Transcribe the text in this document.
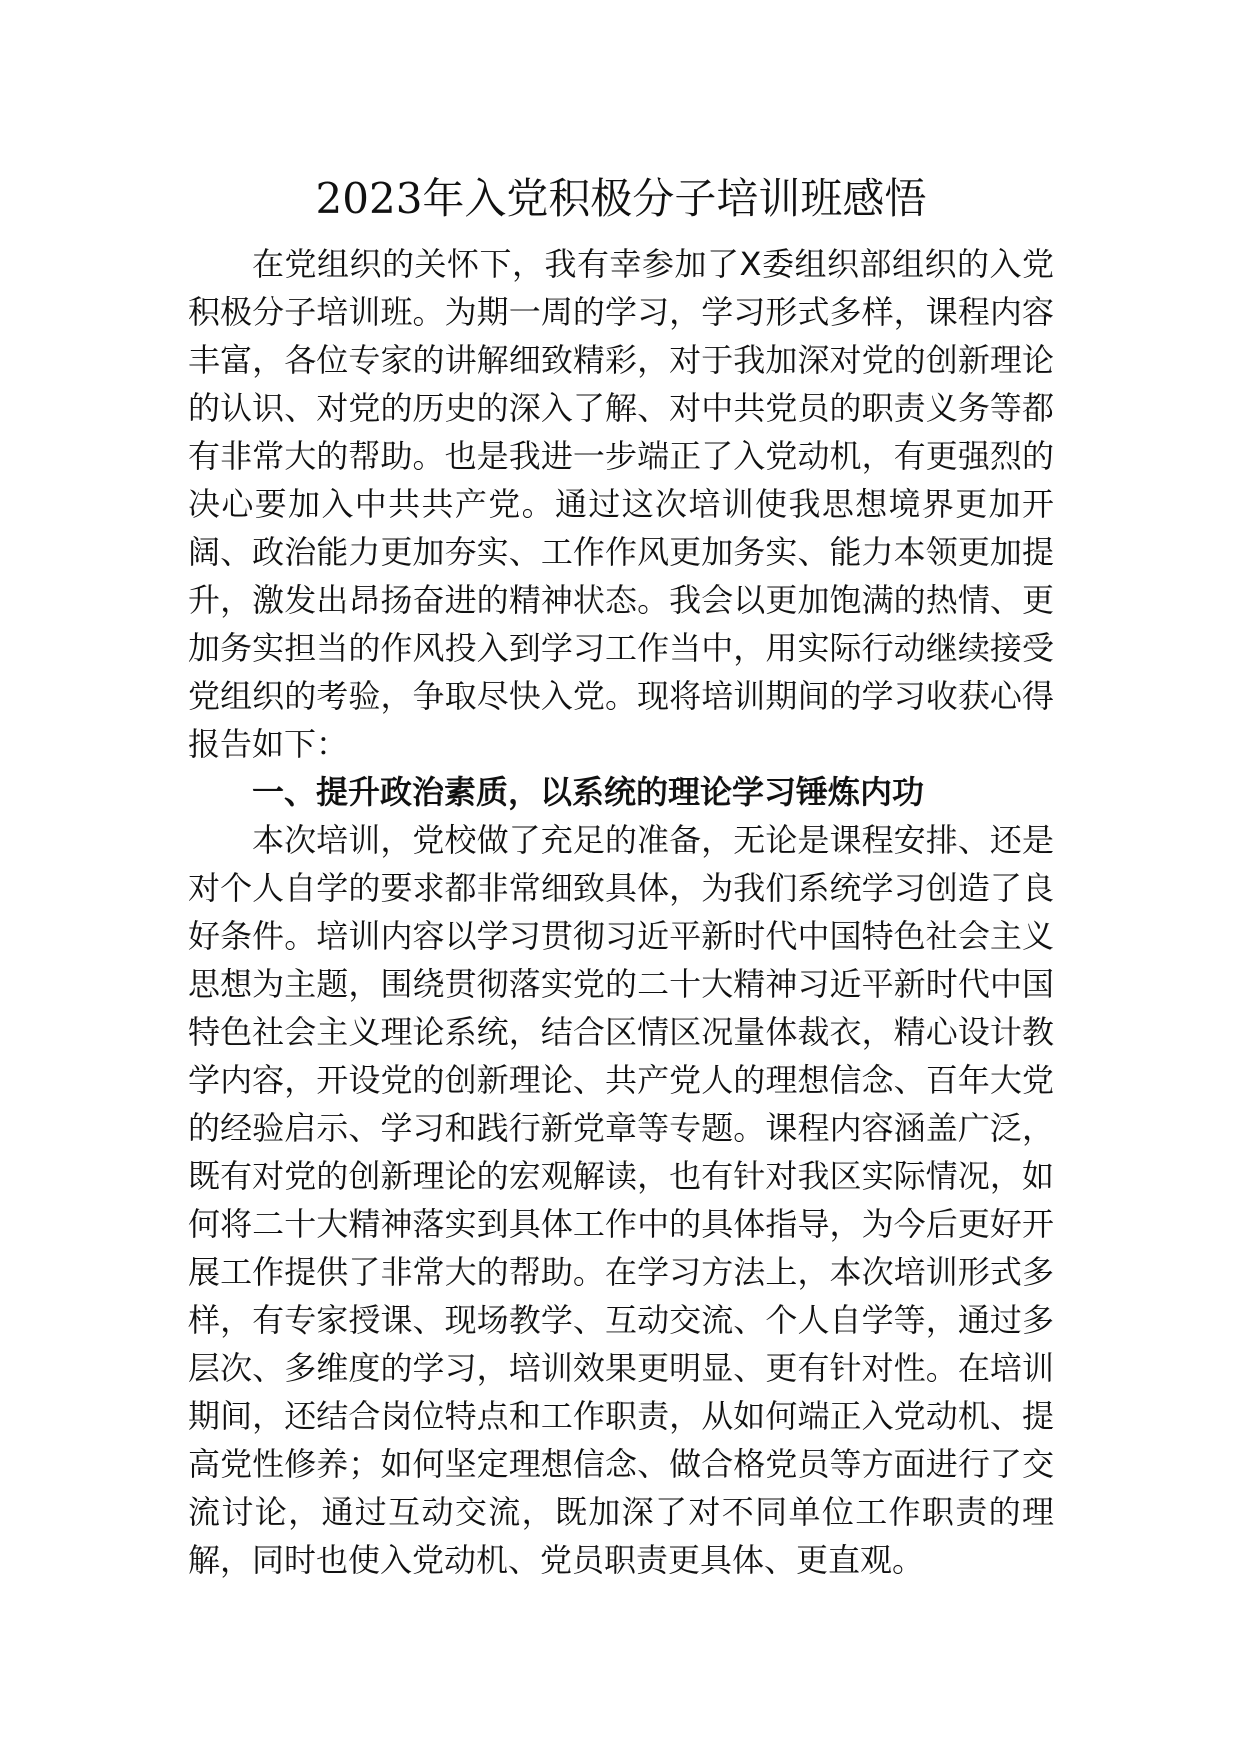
2023年入党积极分子培训班感悟

在党组织的关怀下，我有幸参加了X委组织部组织的入党积极分子培训班。为期一周的学习，学习形式多样，课程内容丰富，各位专家的讲解细致精彩，对于我加深对党的创新理论的认识、对党的历史的深入了解、对中共党员的职责义务等都有非常大的帮助。也是我进一步端正了入党动机，有更强烈的决心要加入中共共产党。通过这次培训使我思想境界更加开阔、政治能力更加夯实、工作作风更加务实、能力本领更加提升，激发出昂扬奋进的精神状态。我会以更加饱满的热情、更加务实担当的作风投入到学习工作当中，用实际行动继续接受党组织的考验，争取尽快入党。现将培训期间的学习收获心得报告如下：

一、提升政治素质，以系统的理论学习锤炼内功

本次培训，党校做了充足的准备，无论是课程安排、还是对个人自学的要求都非常细致具体，为我们系统学习创造了良好条件。培训内容以学习贯彻习近平新时代中国特色社会主义思想为主题，围绕贯彻落实党的二十大精神习近平新时代中国特色社会主义理论系统，结合区情区况量体裁衣，精心设计教学内容，开设党的创新理论、共产党人的理想信念、百年大党的经验启示、学习和践行新党章等专题。课程内容涵盖广泛，既有对党的创新理论的宏观解读，也有针对我区实际情况，如何将二十大精神落实到具体工作中的具体指导，为今后更好开展工作提供了非常大的帮助。在学习方法上，本次培训形式多样，有专家授课、现场教学、互动交流、个人自学等，通过多层次、多维度的学习，培训效果更明显、更有针对性。在培训期间，还结合岗位特点和工作职责，从如何端正入党动机、提高党性修养；如何坚定理想信念、做合格党员等方面进行了交流讨论，通过互动交流，既加深了对不同单位工作职责的理解，同时也使入党动机、党员职责更具体、更直观。
